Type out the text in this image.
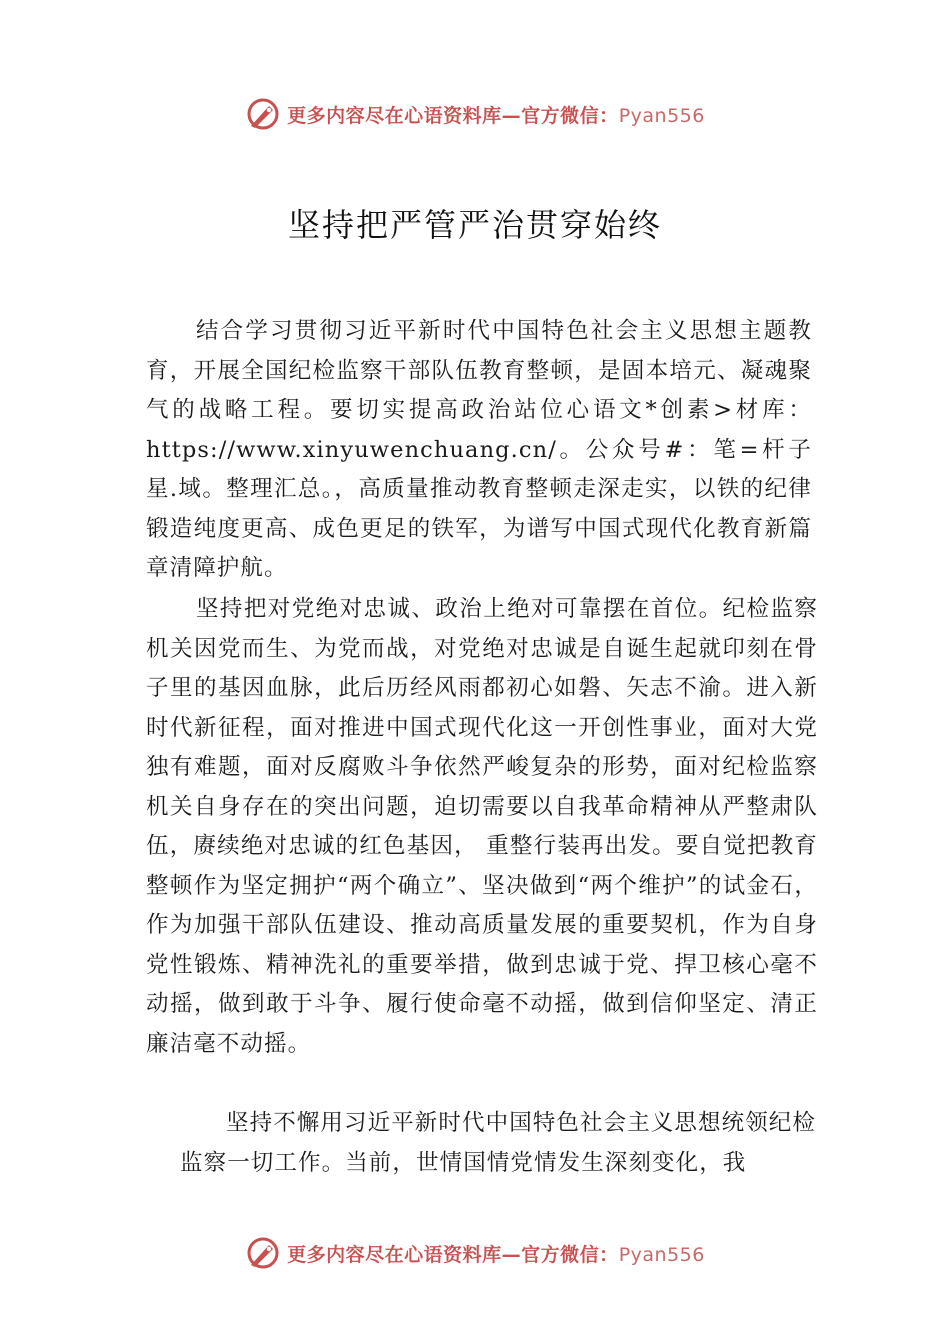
更多内容尽在心语资料库—官方微信：Pyan556
坚持把严管严治贯穿始终

结合学习贯彻习近平新时代中国特色社会主义思想主题教育，开展全国纪检监察干部队伍教育整顿，是固本培元、凝魂聚气的战略工程。要切实提高政治站位心语文*创素>材库：https://www.xinyuwenchuang.cn/。公众号#：笔=杆子星.域。整理汇总。，高质量推动教育整顿走深走实，以铁的纪律锻造纯度更高、成色更足的铁军，为谱写中国式现代化教育新篇章清障护航。

坚持把对党绝对忠诚、政治上绝对可靠摆在首位。纪检监察机关因党而生、为党而战，对党绝对忠诚是自诞生起就印刻在骨子里的基因血脉，此后历经风雨都初心如磐、矢志不渝。进入新时代新征程，面对推进中国式现代化这一开创性事业，面对大党独有难题，面对反腐败斗争依然严峻复杂的形势，面对纪检监察机关自身存在的突出问题，迫切需要以自我革命精神从严整肃队伍，赓续绝对忠诚的红色基因， 重整行装再出发。要自觉把教育整顿作为坚定拥护“两个确立”、坚决做到“两个维护”的试金石，作为加强干部队伍建设、推动高质量发展的重要契机，作为自身党性锻炼、精神洗礼的重要举措，做到忠诚于党、捍卫核心毫不动摇，做到敢于斗争、履行使命毫不动摇，做到信仰坚定、清正廉洁毫不动摇。

坚持不懈用习近平新时代中国特色社会主义思想统领纪检监察一切工作。当前，世情国情党情发生深刻变化，我

更多内容尽在心语资料库—官方微信：Pyan556
